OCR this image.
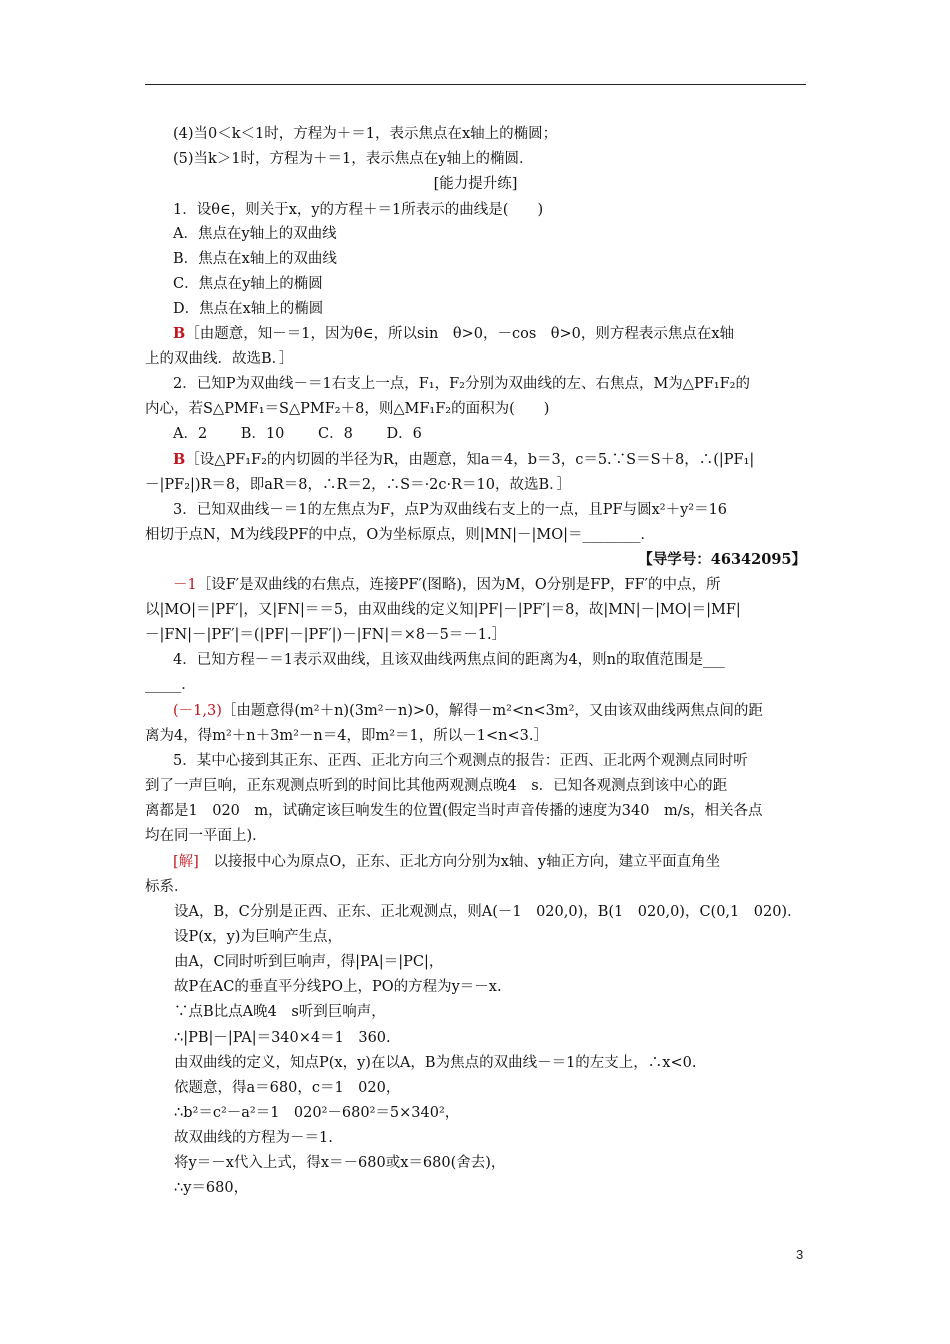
(4)当0＜k＜1时，方程为＋＝1，表示焦点在x轴上的椭圆；
(5)当k＞1时，方程为＋＝1，表示焦点在y轴上的椭圆．
[能力提升练]
1．设θ∈，则关于x，y的方程＋＝1所表示的曲线是(　　)
A．焦点在y轴上的双曲线
B．焦点在x轴上的双曲线
C．焦点在y轴上的椭圆
D．焦点在x轴上的椭圆
B［由题意，知－＝1，因为θ∈，所以sin　θ>0，－cos　θ>0，则方程表示焦点在x轴
上的双曲线．故选B．］
2．已知P为双曲线－＝1右支上一点，F₁，F₂分别为双曲线的左、右焦点，M为△PF₁F₂的
内心，若S△PMF₁＝S△PMF₂＋8，则△MF₁F₂的面积为(　　)
A．2　　 B．10　　 C．8　　 D．6
B［设△PF₁F₂的内切圆的半径为R，由题意，知a＝4，b＝3，c＝5.∵S＝S＋8，∴(|PF₁|
－|PF₂|)R＝8，即aR＝8，∴R＝2，∴S＝·2c·R＝10，故选B．］
3．已知双曲线－＝1的左焦点为F，点P为双曲线右支上的一点，且PF与圆x²＋y²＝16
相切于点N，M为线段PF的中点，O为坐标原点，则|MN|－|MO|＝________．
【导学号：46342095】
－1［设F′是双曲线的右焦点，连接PF′(图略)，因为M，O分别是FP，FF′的中点，所
以|MO|＝|PF′|，又|FN|＝＝5，由双曲线的定义知|PF|－|PF′|＝8，故|MN|－|MO|＝|MF|
－|FN|－|PF′|＝(|PF|－|PF′|)－|FN|＝×8－5＝－1.］
4．已知方程－＝1表示双曲线，且该双曲线两焦点间的距离为4，则n的取值范围是___
_____．
(－1,3)［由题意得(m²＋n)(3m²－n)>0，解得－m²<n<3m²，又由该双曲线两焦点间的距
离为4，得m²＋n＋3m²－n＝4，即m²＝1，所以－1<n<3.］
5．某中心接到其正东、正西、正北方向三个观测点的报告：正西、正北两个观测点同时听
到了一声巨响，正东观测点听到的时间比其他两观测点晚4　s．已知各观测点到该中心的距
离都是1　020　m，试确定该巨响发生的位置(假定当时声音传播的速度为340　m/s，相关各点
均在同一平面上)．
[解]　以接报中心为原点O，正东、正北方向分别为x轴、y轴正方向，建立平面直角坐
标系．
设A，B，C分别是正西、正东、正北观测点，则A(－1　020,0)，B(1　020,0)，C(0,1　020)．
设P(x，y)为巨响产生点，
由A，C同时听到巨响声，得|PA|＝|PC|，
故P在AC的垂直平分线PO上，PO的方程为y＝－x.
∵点B比点A晚4　s听到巨响声，
∴|PB|－|PA|＝340×4＝1　360.
由双曲线的定义，知点P(x，y)在以A，B为焦点的双曲线－＝1的左支上，∴x<0.
依题意，得a＝680，c＝1　020，
∴b²＝c²－a²＝1　020²－680²＝5×340²，
故双曲线的方程为－＝1.
将y＝－x代入上式，得x＝－680或x＝680(舍去)，
∴y＝680，
3
